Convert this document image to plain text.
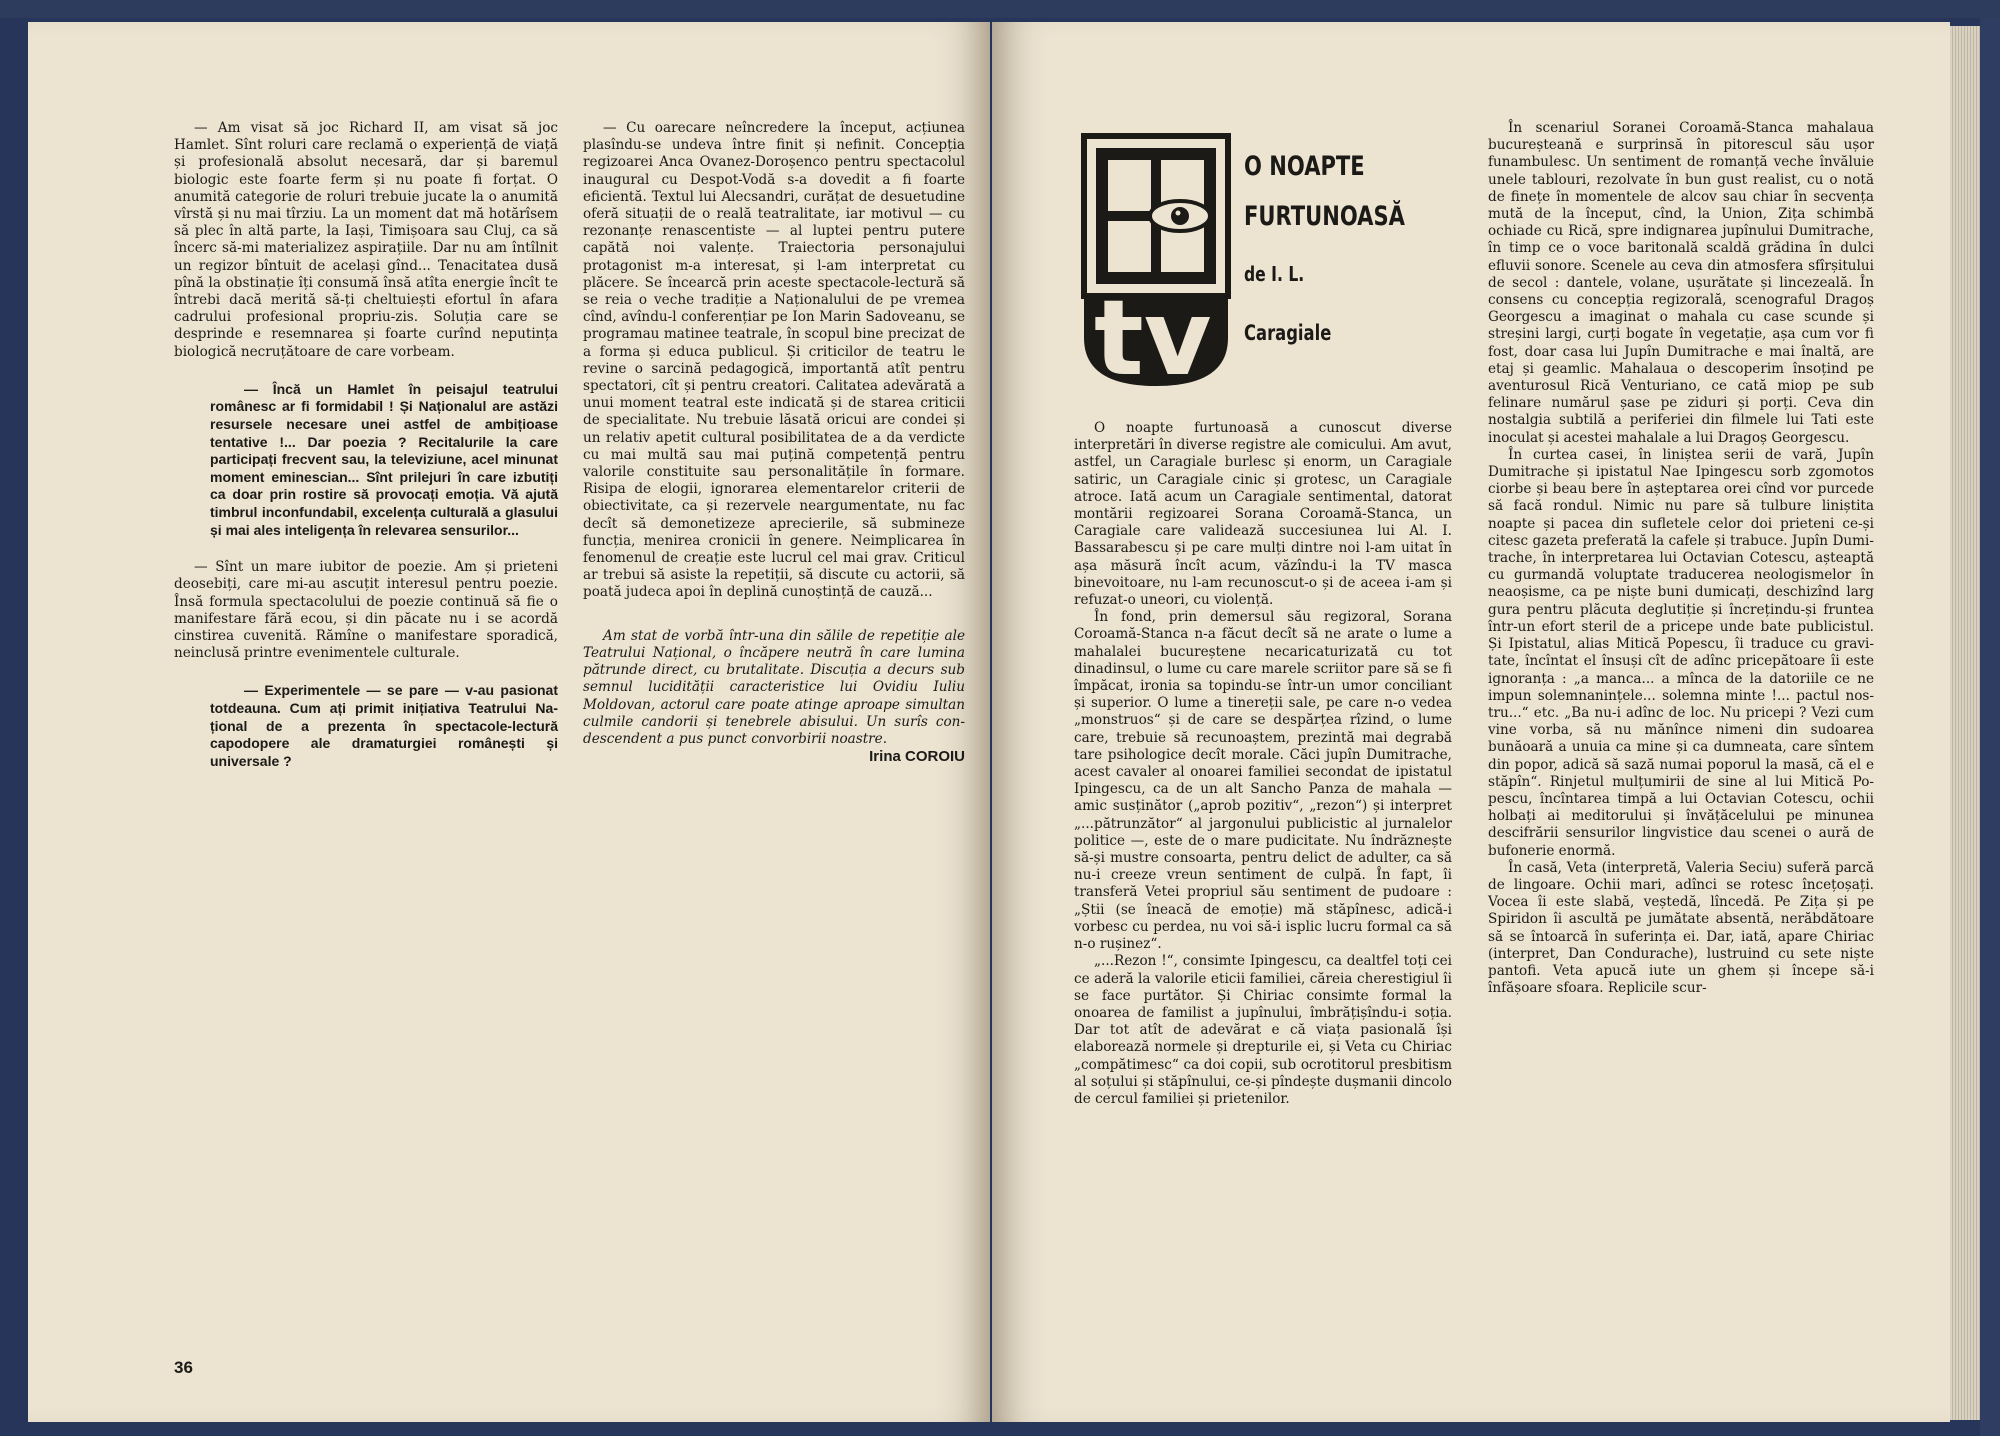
— Am visat să joc Richard II, am visat să joc Hamlet. Sînt roluri care reclamă o experiență de viață și profesională absolut necesară, dar și baremul biologic este foarte ferm și nu poate fi forțat. O anumită categorie de roluri trebuie jucate la o anumită vîrstă și nu mai tîrziu. La un moment dat mă hotărîsem să plec în altă parte, la Iași, Timișoara sau Cluj, ca să încerc să-mi materializez aspirațiile. Dar nu am întîlnit un regizor bîntuit de același gînd... Tenacitatea dusă pînă la obstinație îți consumă însă atîta energie încît te întrebi dacă merită să-ți cheltuiești efortul în afara cadrului profesional propriu-zis. Soluția care se desprinde e resemnarea și foarte curînd neputința biologică necruțătoare de care vorbeam.

— Încă un Hamlet în peisajul teatrului românesc ar fi formidabil ! Și Naționalul are astăzi resursele necesare unei astfel de ambițioase tentative !... Dar poezia ? Recitalurile la care participați frecvent sau, la televiziune, acel minunat moment eminescian... Sînt prilejuri în care izbutiți ca doar prin rostire să provocați emoția. Vă ajută timbrul inconfundabil, excelența culturală a glasului și mai ales inteligența în relevarea sensurilor...

— Sînt un mare iubitor de poezie. Am și prieteni deosebiți, care mi-au ascuțit interesul pentru poezie. Însă formula spectacolului de poezie continuă să fie o manifestare fără ecou, și din păcate nu i se acordă cinstirea cuvenită. Rămîne o manifestare sporadică, neinclusă printre evenimentele culturale.

— Experimentele — se pare — v-au pasionat totdeauna. Cum ați primit inițiativa Teatrului Național de a prezenta în spectacole-lectură capodopere ale dramaturgiei românești și universale ?

— Cu oarecare neîncredere la început, acțiunea plasîndu-se undeva între finit și nefinit. Concepția regizoarei Anca Ovanez-Doroșenco pentru spectacolul inaugural cu Despot-Vodă s-a dovedit a fi foarte eficientă. Textul lui Alecsandri, curățat de desuetudine oferă situații de o reală teatralitate, iar motivul — cu rezonanțe renascentiste — al luptei pentru putere capătă noi valențe. Traiectoria personajului protagonist m-a interesat, și l-am interpretat cu plăcere. Se încearcă prin aceste spectacole-lectură să se reia o veche tradiție a Naționalului de pe vremea cînd, avîndu-l conferențiar pe Ion Marin Sadoveanu, se programau matinee teatrale, în scopul bine precizat de a forma și educa publicul. Și criticilor de teatru le revine o sarcină pedagogică, importantă atît pentru spectatori, cît și pentru creatori. Calitatea adevărată a unui moment teatral este indicată și de starea criticii de specialitate. Nu trebuie lăsată oricui are condei și un relativ apetit cultural posibilitatea de a da verdicte cu mai multă sau mai puțină competență pentru valorile constituite sau personalitățile în formare. Risipa de elogii, ignorarea elementarelor criterii de obiectivitate, ca și rezervele neargumentate, nu fac decît să demonetizeze aprecierile, să submineze funcția, menirea cronicii în genere. Neimplicarea în fenomenul de creație este lucrul cel mai grav. Criticul ar trebui să asiste la repetiții, să discute cu actorii, să poată judeca apoi în deplină cunoștință de cauză...

Am stat de vorbă într-una din sălile de repetiție ale Teatrului Național, o încăpere neutră în care lumina pătrunde direct, cu brutalitate. Discuția a decurs sub semnul lucidității caracteristice lui Ovidiu Iuliu Moldovan, actorul care poate atinge aproape simultan culmile candorii și tenebrele abisului. Un surîs condescendent a pus punct convorbirii noastre.

Irina COROIU

36
tv
O NOAPTE
FURTUNOASĂ
de I. L.
Caragiale

O noapte furtunoasă a cunoscut diverse interpretări în diverse registre ale comicului. Am avut, astfel, un Caragiale burlesc și enorm, un Caragiale satiric, un Caragiale cinic și grotesc, un Caragiale atroce. Iată acum un Caragiale sentimental, datorat montării regizoarei Sorana Coroamă-Stanca, un Caragiale care validează succesiunea lui Al. I. Bassarabescu și pe care mulți dintre noi l-am uitat în așa măsură încît acum, văzîndu-i la TV masca binevoitoare, nu l-am recunoscut-o și de aceea i-am și refuzat-o uneori, cu violență.

În fond, prin demersul său regizoral, Sorana Coroamă-Stanca n-a făcut decît să ne arate o lume a mahalalei bucureștene necaricaturizată cu tot dinadinsul, o lume cu care marele scriitor pare să se fi împăcat, ironia sa topindu-se într-un umor conciliant și superior. O lume a tinereții sale, pe care n-o vedea „monstruos“ și de care se despărțea rîzind, o lume care, trebuie să recunoaștem, prezintă mai degrabă tare psihologice decît morale. Căci jupîn Dumitrache, acest cavaler al onoarei familiei secondat de ipistatul Ipingescu, ca de un alt Sancho Panza de mahala — amic susținător („aprob pozitiv“, „rezon“) și interpret „...pătrunzător“ al jargonului publicistic al jurnalelor politice —, este de o mare pudicitate. Nu îndrăznește să-și mustre consoarta, pentru delict de adulter, ca să nu-i creeze vreun sentiment de culpă. În fapt, îi transferă Vetei propriul său sentiment de pudoare : „Știi (se îneacă de emoție) mă stăpînesc, adică-i vorbesc cu perdea, nu voi să-i isplic lucru formal ca să n-o rușinez“.

„...Rezon !“, consimte Ipingescu, ca dealtfel toți cei ce aderă la valorile eticii familiei, căreia cherestigiul îi se face purtător. Și Chiriac consimte formal la onoarea de familist a jupînului, îmbrățișîndu-i soția. Dar tot atît de adevărat e că viața pasională își elaborează normele și drepturile ei, și Veta cu Chiriac „compătimesc“ ca doi copii, sub ocrotitorul presbitism al soțului și stăpînului, ce-și pîndește dușmanii dincolo de cercul familiei și prietenilor.

În scenariul Soranei Coroamă-Stanca mahalaua bucureșteană e surprinsă în pitorescul său ușor funambulesc. Un sentiment de romanță veche învăluie unele tablouri, rezolvate în bun gust realist, cu o notă de finețe în momentele de alcov sau chiar în secvența mută de la început, cînd, la Union, Zița schimbă ochiade cu Rică, spre indignarea jupînului Dumitrache, în timp ce o voce baritonală scaldă grădina în dulci efluvii sonore. Scenele au ceva din atmosfera sfîrșitului de secol : dantele, volane, ușurătate și lincezeală. În consens cu concepția regizorală, scenograful Dragoș Georgescu a imaginat o mahala cu case scunde și streșini largi, curți bogate în vegetație, așa cum vor fi fost, doar casa lui Jupîn Dumitrache e mai înaltă, are etaj și geamlic. Mahalaua o descoperim însoțind pe aventurosul Rică Venturiano, ce cată miop pe sub felinare numărul șase pe ziduri și porți. Ceva din nostalgia subtilă a periferiei din filmele lui Tati este inoculat și acestei mahalale a lui Dragoș Georgescu.

În curtea casei, în liniștea serii de vară, Jupîn Dumitrache și ipistatul Nae Ipingescu sorb zgomotos ciorbe și beau bere în așteptarea orei cînd vor purcede să facă rondul. Nimic nu pare să tulbure liniștita noapte și pacea din sufletele celor doi prieteni ce-și citesc gazeta preferată la cafele și trabuce. Jupîn Dumitrache, în interpretarea lui Octavian Cotescu, așteaptă cu gurmandă voluptate traducerea neologismelor în neaoșisme, ca pe niște buni dumicați, deschizînd larg gura pentru plăcuta deglutiție și încrețindu-și fruntea într-un efort steril de a pricepe unde bate publicistul. Și Ipistatul, alias Mitică Popescu, îi traduce cu gravitate, încîntat el însuși cît de adînc pricepătoare îi este ignoranța : „a manca... a mînca de la datoriile ce ne impun solemnanințele... solemna minte !... pactul nostru...“ etc. „Ba nu-i adînc de loc. Nu pricepi ? Vezi cum vine vorba, să nu mănînce nimeni din sudoarea bunăoară a unuia ca mine și ca dumneata, care sîntem din popor, adică să sază numai poporul la masă, că el e stăpîn“. Rinjetul mulțumirii de sine al lui Mitică Popescu, încîntarea timpă a lui Octavian Cotescu, ochii holbați ai meditorului și învățăcelului pe minunea descifrării sensurilor lingvistice dau scenei o aură de bufonerie enormă.

În casă, Veta (interpretă, Valeria Seciu) suferă parcă de lingoare. Ochii mari, adînci se rotesc încețoșați. Vocea îi este slabă, veștedă, lîncedă. Pe Zița și pe Spiridon îi ascultă pe jumătate absentă, nerăbdătoare să se întoarcă în suferința ei. Dar, iată, apare Chiriac (interpret, Dan Condurache), lustruind cu sete niște pantofi. Veta apucă iute un ghem și începe să-i înfășoare sfoara. Replicile scur-
